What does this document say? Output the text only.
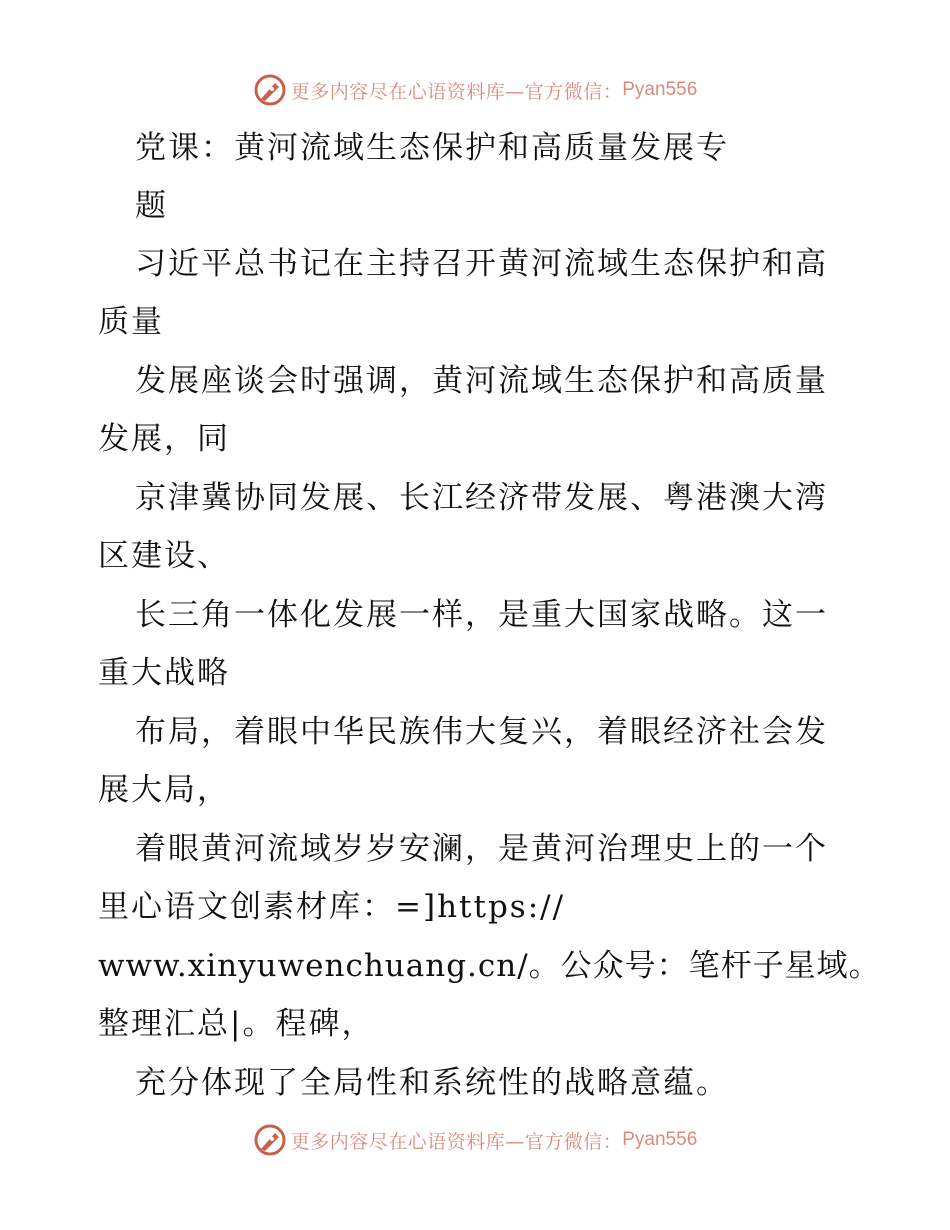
更多内容尽在心语资料库—官方微信： Pyan556
党课：黄河流域生态保护和高质量发展专
题
习近平总书记在主持召开黄河流域生态保护和高
质量
发展座谈会时强调，黄河流域生态保护和高质量
发展，同
京津冀协同发展、长江经济带发展、粤港澳大湾
区建设、
长三角一体化发展一样，是重大国家战略。这一
重大战略
布局，着眼中华民族伟大复兴，着眼经济社会发
展大局，
着眼黄河流域岁岁安澜，是黄河治理史上的一个
里心语文创素材库：=]https://
www.xinyuwenchuang.cn/。公众号：笔杆子星域。
整理汇总|。程碑，
充分体现了全局性和系统性的战略意蕴。
更多内容尽在心语资料库—官方微信： Pyan556
